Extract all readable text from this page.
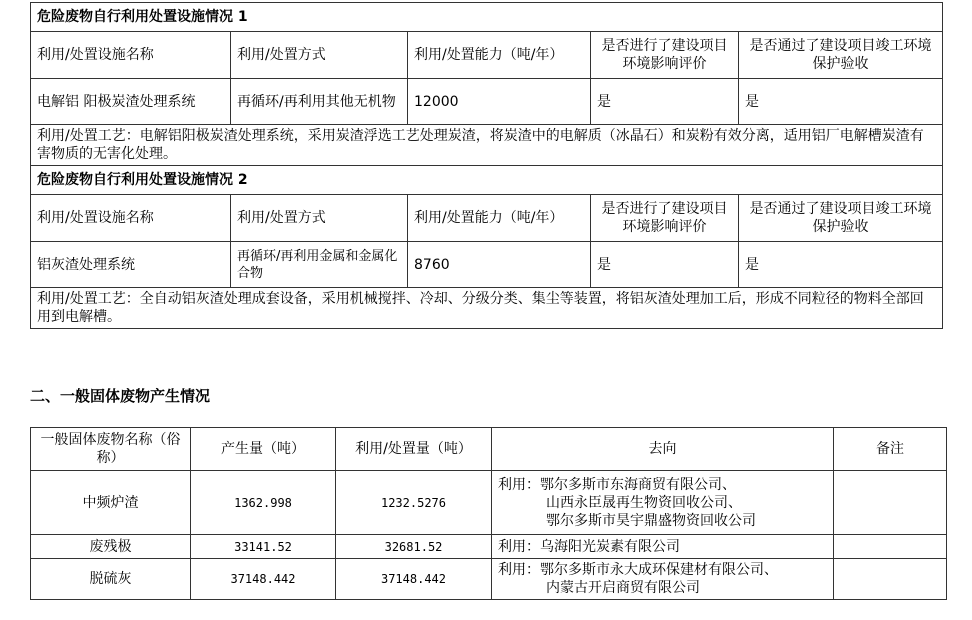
危险废物自行利用处置设施情况 1				
利用/处置设施名称	利用/处置方式	利用/处置能力（吨/年）	是否进行了建设项目环境影响评价	是否通过了建设项目竣工环境保护验收
电解铝 阳极炭渣处理系统	再循环/再利用其他无机物	12000	是	是
利用/处置工艺：电解铝阳极炭渣处理系统，采用炭渣浮选工艺处理炭渣，将炭渣中的电解质（冰晶石）和炭粉有效分离，适用铝厂电解槽炭渣有害物质的无害化处理。				
危险废物自行利用处置设施情况 2				
利用/处置设施名称	利用/处置方式	利用/处置能力（吨/年）	是否进行了建设项目环境影响评价	是否通过了建设项目竣工环境保护验收
铝灰渣处理系统	再循环/再利用金属和金属化合物	8760	是	是
利用/处置工艺：全自动铝灰渣处理成套设备，采用机械搅拌、冷却、分级分类、集尘等装置，将铝灰渣处理加工后，形成不同粒径的物料全部回用到电解槽。				
二、一般固体废物产生情况
一般固体废物名称（俗称）	产生量（吨）	利用/处置量（吨）	去向	备注
中频炉渣	1362.998	1232.5276	利用：鄂尔多斯市东海商贸有限公司、
山西永臣晟再生物资回收公司、
鄂尔多斯市昊宇鼎盛物资回收公司	

废残极	33141.52	32681.52	利用：乌海阳光炭素有限公司	

脱硫灰	37148.442	37148.442	利用：鄂尔多斯市永大成环保建材有限公司、
内蒙古开启商贸有限公司	
